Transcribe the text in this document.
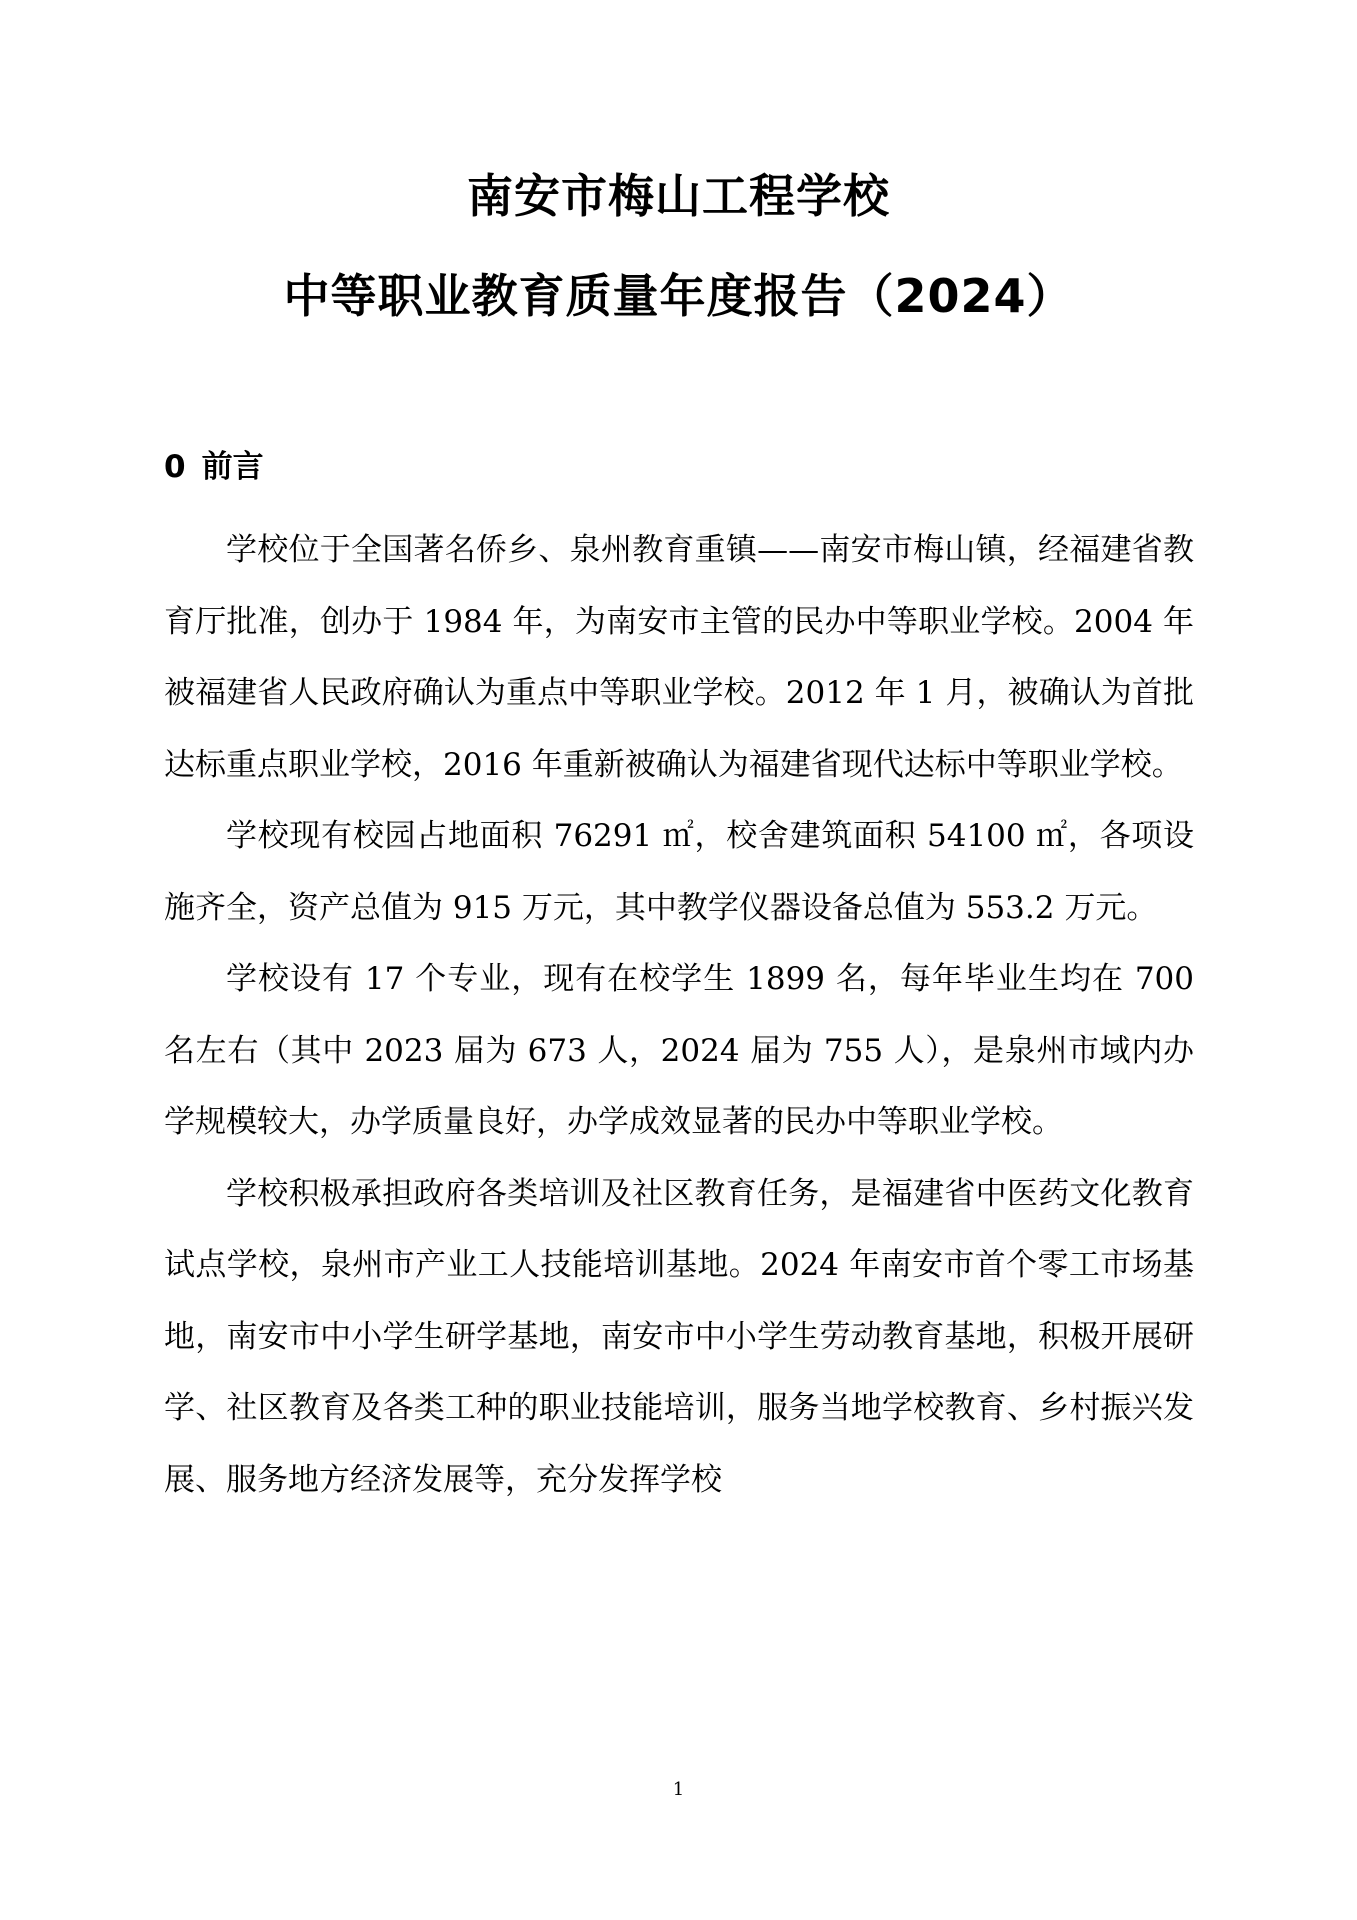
南安市梅山工程学校
中等职业教育质量年度报告（2024）
0 前言

学校位于全国著名侨乡、泉州教育重镇——南安市梅山镇，经福建省教育厅批准，创办于 1984 年，为南安市主管的民办中等职业学校。2004 年被福建省人民政府确认为重点中等职业学校。2012 年 1 月，被确认为首批达标重点职业学校，2016 年重新被确认为福建省现代达标中等职业学校。

学校现有校园占地面积 76291 ㎡，校舍建筑面积 54100 ㎡，各项设施齐全，资产总值为 915 万元，其中教学仪器设备总值为 553.2 万元。

学校设有 17 个专业，现有在校学生 1899 名，每年毕业生均在 700 名左右（其中 2023 届为 673 人，2024 届为 755 人），是泉州市域内办学规模较大，办学质量良好，办学成效显著的民办中等职业学校。

学校积极承担政府各类培训及社区教育任务，是福建省中医药文化教育试点学校，泉州市产业工人技能培训基地。2024 年南安市首个零工市场基地，南安市中小学生研学基地，南安市中小学生劳动教育基地，积极开展研学、社区教育及各类工种的职业技能培训，服务当地学校教育、乡村振兴发展、服务地方经济发展等，充分发挥学校

1
